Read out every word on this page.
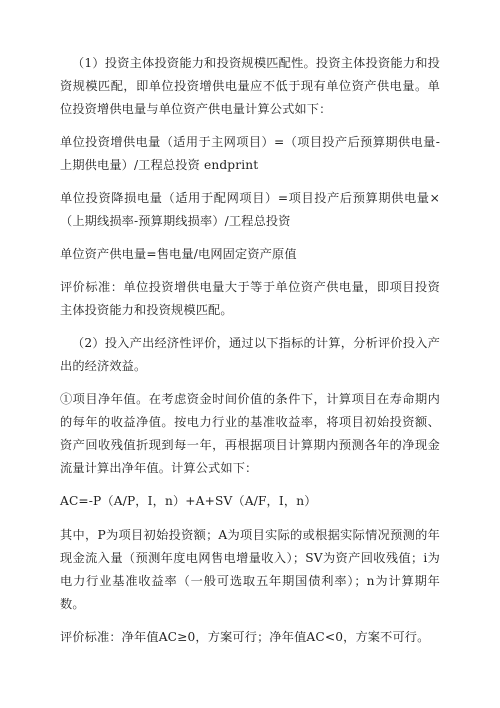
（1）投资主体投资能力和投资规模匹配性。投资主体投资能力和投资规模匹配，即单位投资增供电量应不低于现有单位资产供电量。单位投资增供电量与单位资产供电量计算公式如下：

单位投资增供电量（适用于主网项目）=（项目投产后预算期供电量-上期供电量）/工程总投资 endprint

单位投资降损电量（适用于配网项目）=项目投产后预算期供电量×（上期线损率-预算期线损率）/工程总投资

单位资产供电量=售电量/电网固定资产原值

评价标准：单位投资增供电量大于等于单位资产供电量，即项目投资主体投资能力和投资规模匹配。

（2）投入产出经济性评价，通过以下指标的计算，分析评价投入产出的经济效益。

①项目净年值。在考虑资金时间价值的条件下，计算项目在寿命期内的每年的收益净值。按电力行业的基准收益率，将项目初始投资额、资产回收残值折现到每一年，再根据项目计算期内预测各年的净现金流量计算出净年值。计算公式如下：

AC=-P（A/P，I，n）+A+SV（A/F，I，n）

其中，P为项目初始投资额；A为项目实际的或根据实际情况预测的年现金流入量（预测年度电网售电增量收入）；SV为资产回收残值；i为电力行业基准收益率（一般可选取五年期国债利率）；n为计算期年数。

评价标准：净年值AC≥0，方案可行；净年值AC<0，方案不可行。
